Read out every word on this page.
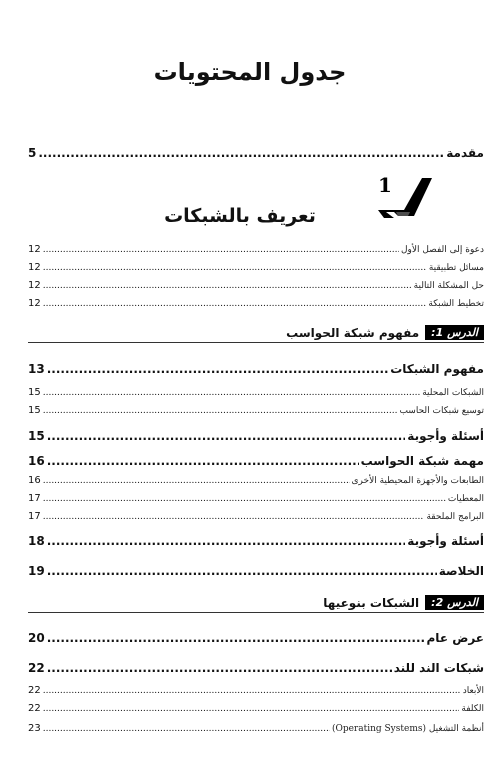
جدول المحتويات
5 .....	مقدمة
1
تعريف بالشبكات
12 .....	دعوة إلى الفصل الأول
12 .....	مسائل تطبيقية
12 .....	حل المشكلة التالية
12 .....	تخطيط الشبكة
الدرس 1:
مفهوم شبكة الحواسب
13 .....	مفهوم الشبكات
15 .....	الشبكات المحلية
15 .....	توسيع شبكات الحاسب
15 .....	أسئلة وأجوبة
16 .....	مهمة شبكة الحواسب
16 .....	الطابعات والأجهزة المحيطية الأخرى
17 .....	المعطيات
17 .....	البرامج الملحقة
18 .....	أسئلة وأجوبة
19 .....	الخلاصة
الدرس 2:
الشبكات بنوعيها
20 .....	عرض عام
22 .....	شبكات الند للند
22 .....	الأبعاد
22 .....	الكلفة
23 .....	أنظمة التشغيل (Operating Systems)
